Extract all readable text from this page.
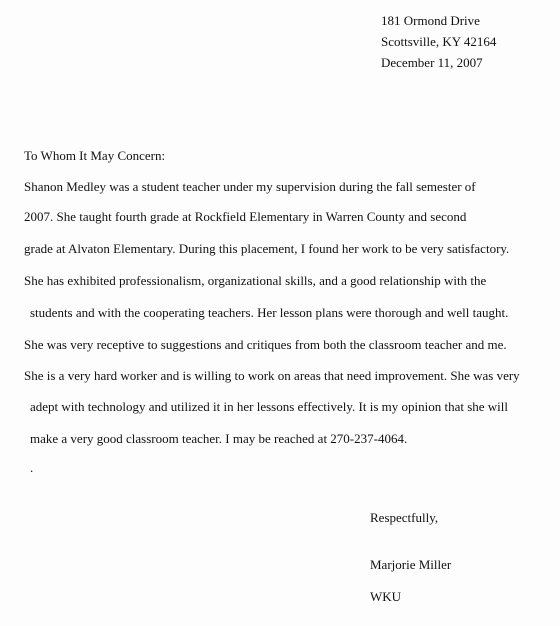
181 Ormond Drive
Scottsville, KY 42164
December 11, 2007
To Whom It May Concern:
Shanon Medley was a student teacher under my supervision during the fall semester of
2007. She taught fourth grade at Rockfield Elementary in Warren County and second
grade at Alvaton Elementary. During this placement, I found her work to be very satisfactory.
She has exhibited professionalism, organizational skills, and a good relationship with the
students and with the cooperating teachers. Her lesson plans were thorough and well taught.
She was very receptive to suggestions and critiques from both the classroom teacher and me.
She is a very hard worker and is willing to work on areas that need improvement. She was very
adept with technology and utilized it in her lessons effectively. It is my opinion that she will
make a very good classroom teacher. I may be reached at 270-237-4064.
.
Respectfully,
Marjorie Miller
WKU
